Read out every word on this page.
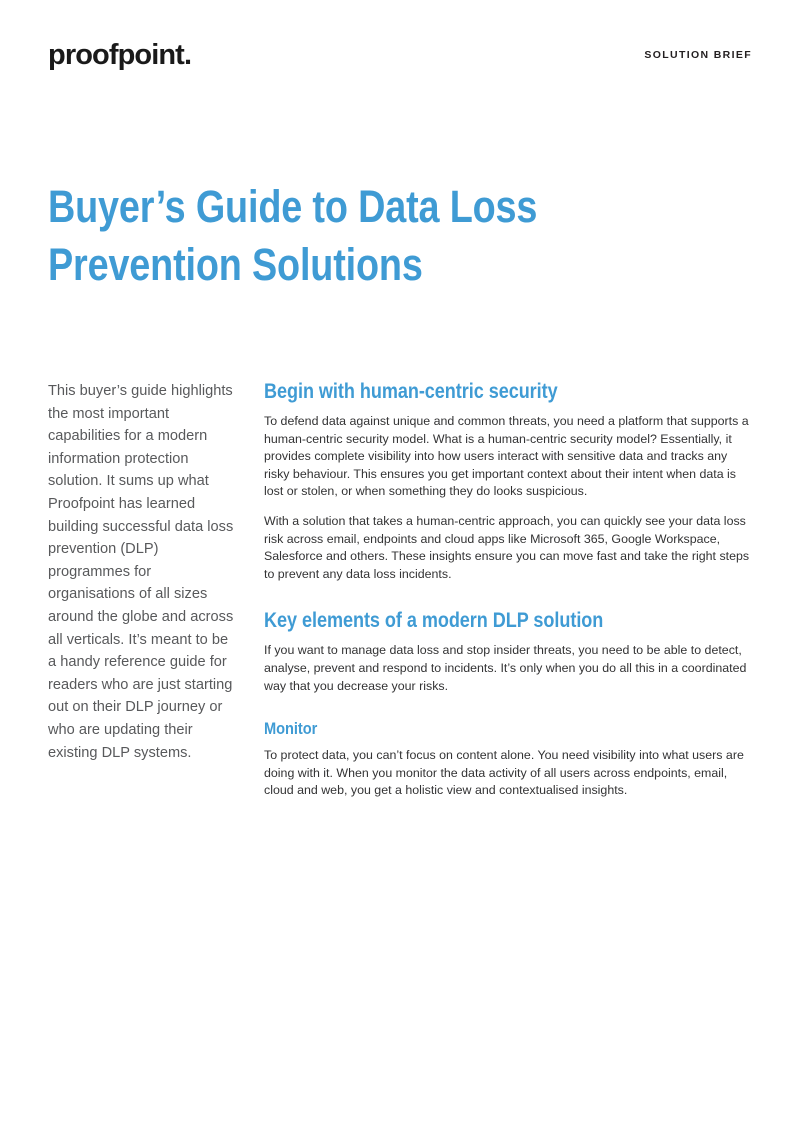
proofpoint .	SOLUTION BRIEF
Buyer’s Guide to Data Loss
Prevention Solutions

This buyer’s guide highlights the most important capabilities for a modern information protection solution. It sums up what Proofpoint has learned building successful data loss prevention (DLP) programmes for organisations of all sizes around the globe and across all verticals. It’s meant to be a handy reference guide for readers who are just starting out on their DLP journey or who are updating their existing DLP systems.

Begin with human-centric security

To defend data against unique and common threats, you need a platform that supports a human-centric security model. What is a human-centric security model? Essentially, it provides complete visibility into how users interact with sensitive data and tracks any risky behaviour. This ensures you get important context about their intent when data is lost or stolen, or when something they do looks suspicious.

With a solution that takes a human-centric approach, you can quickly see your data loss risk across email, endpoints and cloud apps like Microsoft 365, Google Workspace, Salesforce and others. These insights ensure you can move fast and take the right steps to prevent any data loss incidents.

Key elements of a modern DLP solution

If you want to manage data loss and stop insider threats, you need to be able to detect, analyse, prevent and respond to incidents. It’s only when you do all this in a coordinated way that you decrease your risks.

Monitor

To protect data, you can’t focus on content alone. You need visibility into what users are doing with it. When you monitor the data activity of all users across endpoints, email, cloud and web, you get a holistic view and contextualised insights.
